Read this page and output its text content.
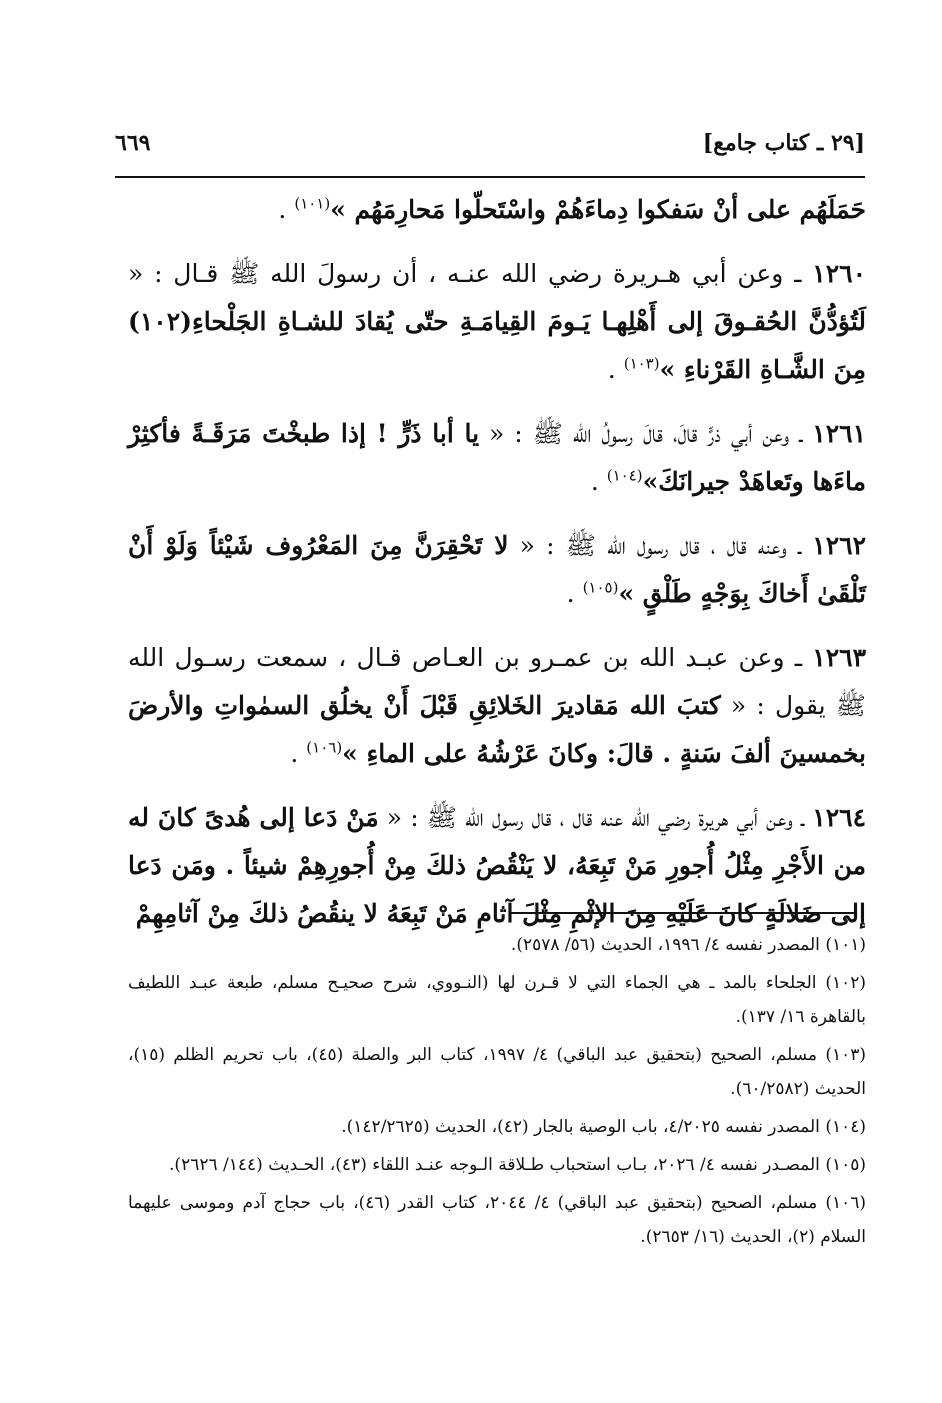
[٢٩ ـ كتاب جامع]
٦٦٩

حَمَلَهُم على أنْ سَفكوا دِماءَهُمْ واسْتَحلّوا مَحارِمَهُم »$^{(١٠١)}$ .

١٢٦٠ ـ وعن أبي هـريرة رضي الله عنـه ، أن رسولَ الله ﷺ قـال : « لَتُؤدُّنَّ الحُقـوقَ إلى أَهْلِهـا يَـومَ القِيامَـةِ حتّى يُقادَ للشـاةِ الجَلْحاءِ(١٠٢) مِنَ الشَّـاةِ القَرْناءِ »$^{(١٠٣)}$ .

١٢٦١ ـ وعن أبي ذرٍّ قالَ، قالَ رسولُ الله ﷺ : « يا أبا ذَرٍّ ! إذا طبخْتَ مَرَقَـةً فأكثِرْ ماءَها وتَعاهَدْ جيرانَكَ»$^{(١٠٤)}$ .

١٢٦٢ ـ وعنه قال ، قال رسول الله ﷺ : « لا تَحْقِرَنَّ مِنَ المَعْرُوف شَيْئاً وَلَوْ أَنْ تَلْقَىٰ أَخاكَ بِوَجْهٍ طَلْقٍ »$^{(١٠٥)}$ .

١٢٦٣ ـ وعن عبـد الله بن عمـرو بن العـاص قـال ، سمعت رسـول الله ﷺ يقول : « كتبَ الله مَقاديرَ الخَلائِقِ قَبْلَ أَنْ يخلُق السمٰواتِ والأرضَ بخمسينَ ألفَ سَنةٍ . قالَ: وكانَ عَرْشُهُ على الماءِ »$^{(١٠٦)}$ .

١٢٦٤ ـ وعن أبي هريرة رضي الله عنه قال ، قال رسول الله ﷺ : « مَنْ دَعا إلى هُدىً كانَ له من الأَجْرِ مِثْلُ أُجورِ مَنْ تَبِعَهُ، لا يَنْقُصُ ذلكَ مِنْ أُجورِهِمْ شيئاً . ومَن دَعا إلى ضَلالَةٍ كانَ عَلَيْهِ مِنَ الإثْمِ مِثْلَ آثامِ مَنْ تَبِعَهُ لا ينقُصُ ذلكَ مِنْ آثامِهِمْ

(١٠١) المصدر نفسه ٤/ ١٩٩٦، الحديث (٥٦/ ٢٥٧٨).

(١٠٢) الجلحاء بالمد ـ هي الجماء التي لا قـرن لها (النـووي، شرح صحيـح مسلم، طبعة عبـد اللطيف بالقاهرة ١٦/ ١٣٧).

(١٠٣) مسلم، الصحيح (بتحقيق عبد الباقي) ٤/ ١٩٩٧، كتاب البر والصلة (٤٥)، باب تحريم الظلم (١٥)، الحديث (٦٠/٢٥٨٢).

(١٠٤) المصدر نفسه ٤/٢٠٢٥، باب الوصية بالجار (٤٢)، الحديث (١٤٢/٢٦٢٥).

(١٠٥) المصـدر نفسه ٤/ ٢٠٢٦، بـاب استحباب طـلاقة الـوجه عنـد اللقاء (٤٣)، الحـديث (١٤٤/ ٢٦٢٦).

(١٠٦) مسلم، الصحيح (بتحقيق عبد الباقي) ٤/ ٢٠٤٤، كتاب القدر (٤٦)، باب حجاج آدم وموسى عليهما السلام (٢)، الحديث (١٦/ ٢٦٥٣).
